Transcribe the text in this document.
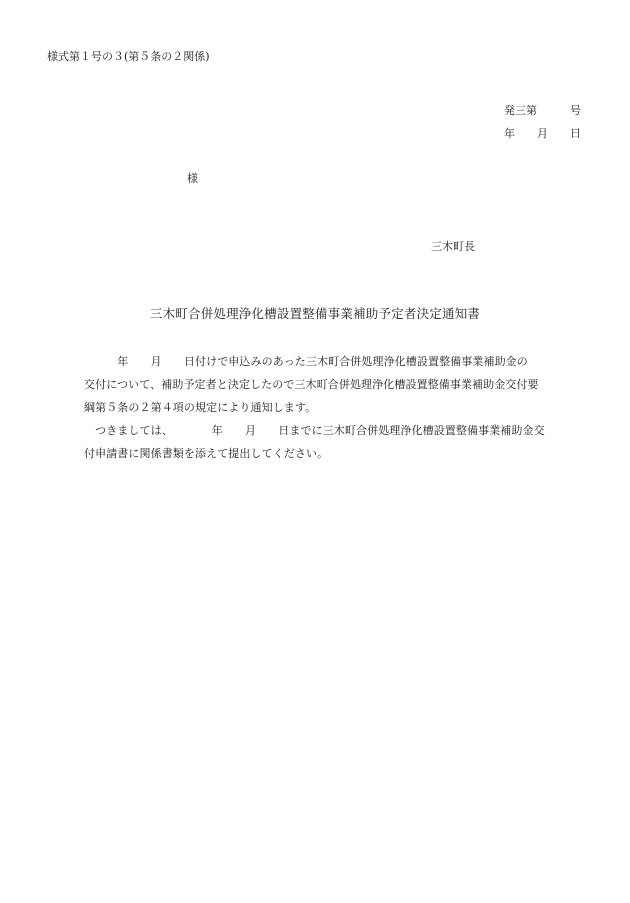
様式第１号の３(第５条の２関係)
発三第　　　号
年　　月　　日
様
三木町長
三木町合併処理浄化槽設置整備事業補助予定者決定通知書
　　　年　　月　　日付けで申込みのあった三木町合併処理浄化槽設置整備事業補助金の
交付について、補助予定者と決定したので三木町合併処理浄化槽設置整備事業補助金交付要
綱第５条の２第４項の規定により通知します。
　つきましては、　　　　年　　月　　日までに三木町合併処理浄化槽設置整備事業補助金交
付申請書に関係書類を添えて提出してください。
